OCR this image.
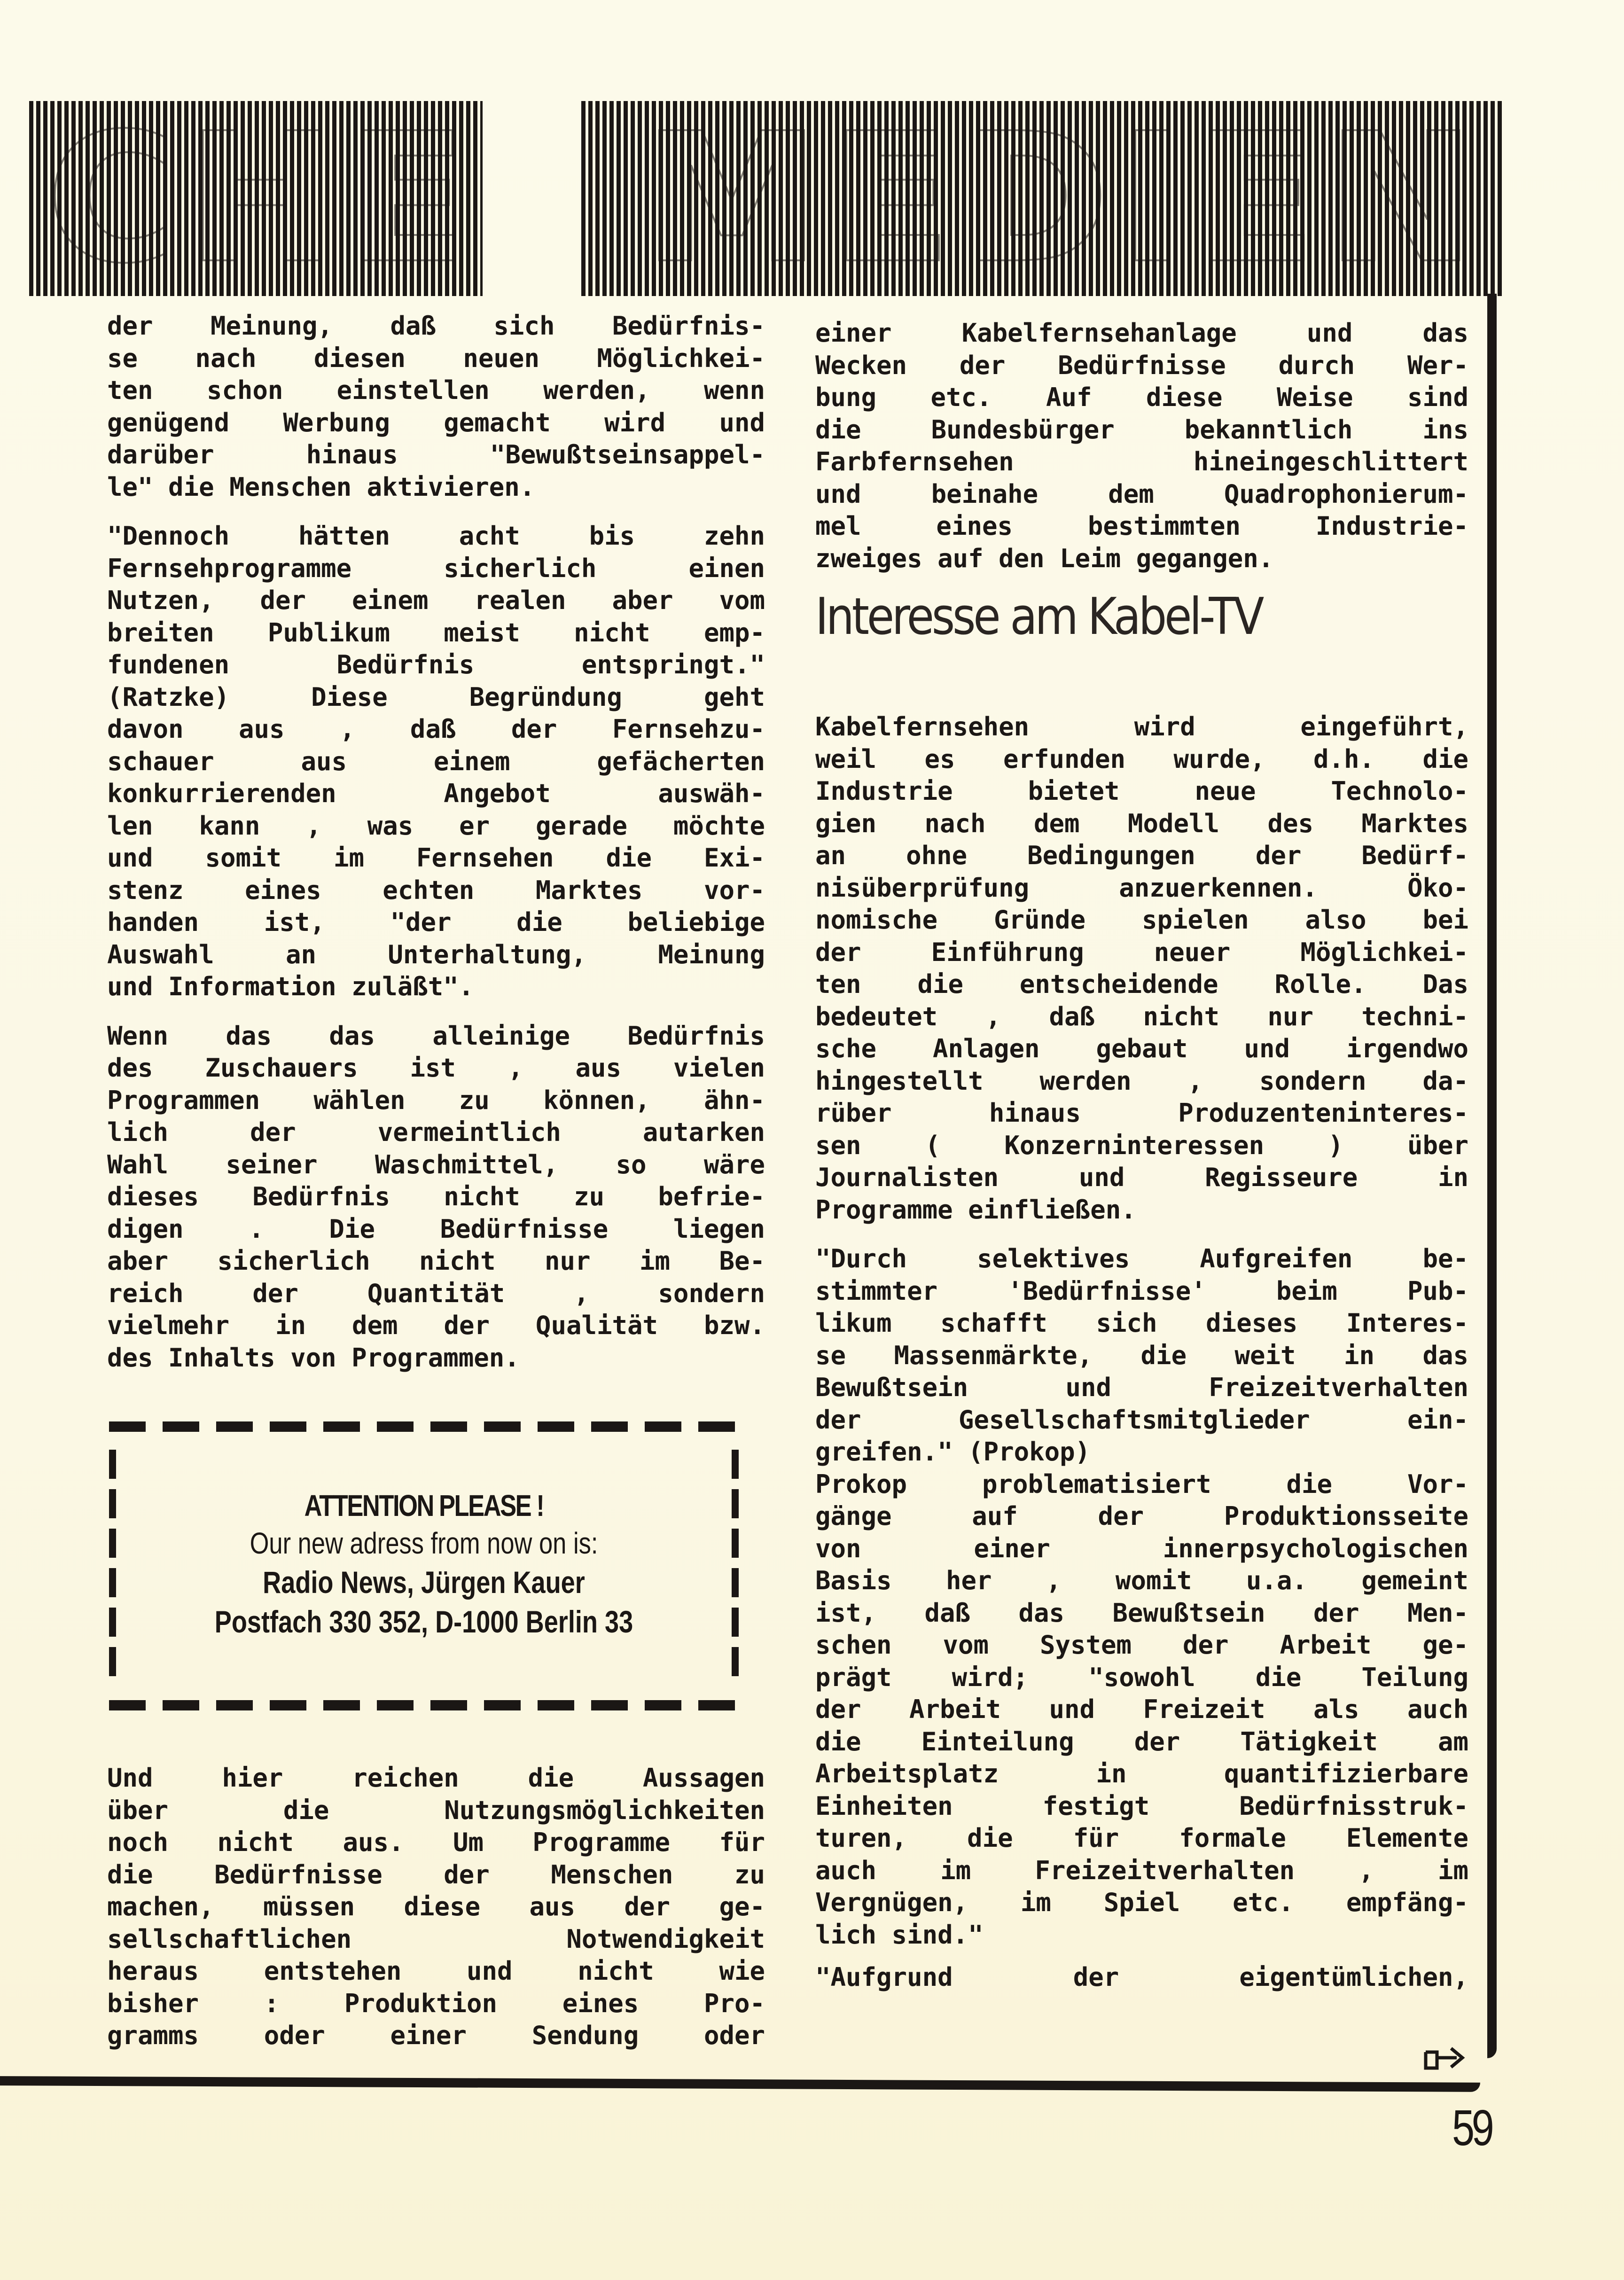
CHE MEDIEN

der Meinung, daß sich Bedürfnis-
se nach diesen neuen Möglichkei-
ten schon einstellen werden, wenn
genügend Werbung gemacht wird und
darüber hinaus "Bewußtseinsappel-
le" die Menschen aktivieren.

"Dennoch hätten acht bis zehn
Fernsehprogramme sicherlich einen
Nutzen, der einem realen aber vom
breiten Publikum meist nicht emp-
fundenen Bedürfnis entspringt."
(Ratzke) Diese Begründung geht
davon aus , daß der Fernsehzu-
schauer aus einem gefächerten
konkurrierenden Angebot auswäh-
len kann , was er gerade möchte
und somit im Fernsehen die Exi-
stenz eines echten Marktes vor-
handen ist, "der die beliebige
Auswahl an Unterhaltung, Meinung
und Information zuläßt".

Wenn das das alleinige Bedürfnis
des Zuschauers ist , aus vielen
Programmen wählen zu können, ähn-
lich der vermeintlich autarken
Wahl seiner Waschmittel, so wäre
dieses Bedürfnis nicht zu befrie-
digen . Die Bedürfnisse liegen
aber sicherlich nicht nur im Be-
reich der Quantität , sondern
vielmehr in dem der Qualität bzw.
des Inhalts von Programmen.

ATTENTION PLEASE !
Our new adress from now on is:
Radio News, Jürgen Kauer
Postfach 330 352, D-1000 Berlin 33

Und hier reichen die Aussagen
über die Nutzungsmöglichkeiten
noch nicht aus. Um Programme für
die Bedürfnisse der Menschen zu
machen, müssen diese aus der ge-
sellschaftlichen Notwendigkeit
heraus entstehen und nicht wie
bisher : Produktion eines Pro-
gramms oder einer Sendung oder

einer Kabelfernsehanlage und das
Wecken der Bedürfnisse durch Wer-
bung etc. Auf diese Weise sind
die Bundesbürger bekanntlich ins
Farbfernsehen hineingeschlittert
und beinahe dem Quadrophonierum-
mel eines bestimmten Industrie-
zweiges auf den Leim gegangen.

Interesse am Kabel-TV

Kabelfernsehen wird eingeführt,
weil es erfunden wurde, d.h. die
Industrie bietet neue Technolo-
gien nach dem Modell des Marktes
an ohne Bedingungen der Bedürf-
nisüberprüfung anzuerkennen. Öko-
nomische Gründe spielen also bei
der Einführung neuer Möglichkei-
ten die entscheidende Rolle. Das
bedeutet , daß nicht nur techni-
sche Anlagen gebaut und irgendwo
hingestellt werden , sondern da-
rüber hinaus Produzenteninteres-
sen ( Konzerninteressen ) über
Journalisten und Regisseure in
Programme einfließen.

"Durch selektives Aufgreifen be-
stimmter 'Bedürfnisse' beim Pub-
likum schafft sich dieses Interes-
se Massenmärkte, die weit in das
Bewußtsein und Freizeitverhalten
der Gesellschaftsmitglieder ein-
greifen." (Prokop)

Prokop problematisiert die Vor-
gänge auf der Produktionsseite
von einer innerpsychologischen
Basis her , womit u.a. gemeint
ist, daß das Bewußtsein der Men-
schen vom System der Arbeit ge-
prägt wird; "sowohl die Teilung
der Arbeit und Freizeit als auch
die Einteilung der Tätigkeit am
Arbeitsplatz in quantifizierbare
Einheiten festigt Bedürfnisstruk-
turen, die für formale Elemente
auch im Freizeitverhalten , im
Vergnügen, im Spiel etc. empfäng-
lich sind."

"Aufgrund der eigentümlichen,

59
